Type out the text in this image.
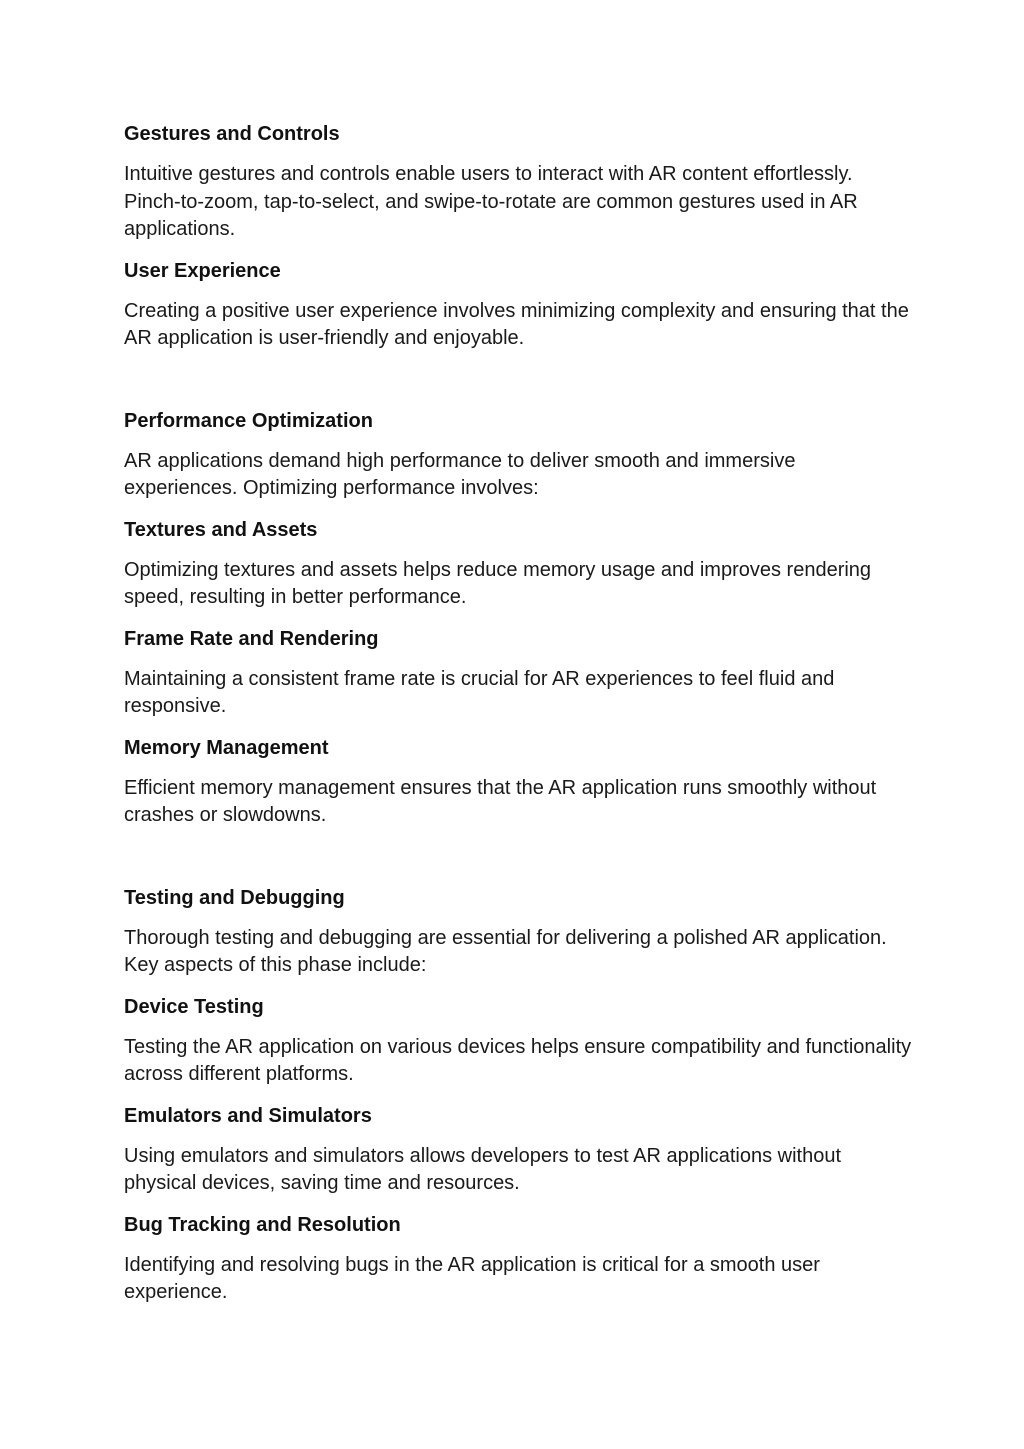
Gestures and Controls

Intuitive gestures and controls enable users to interact with AR content effortlessly. Pinch-to-zoom, tap-to-select, and swipe-to-rotate are common gestures used in AR applications.

User Experience

Creating a positive user experience involves minimizing complexity and ensuring that the AR application is user-friendly and enjoyable.

Performance Optimization

AR applications demand high performance to deliver smooth and immersive experiences. Optimizing performance involves:

Textures and Assets

Optimizing textures and assets helps reduce memory usage and improves rendering speed, resulting in better performance.

Frame Rate and Rendering

Maintaining a consistent frame rate is crucial for AR experiences to feel fluid and responsive.

Memory Management

Efficient memory management ensures that the AR application runs smoothly without crashes or slowdowns.

Testing and Debugging

Thorough testing and debugging are essential for delivering a polished AR application. Key aspects of this phase include:

Device Testing

Testing the AR application on various devices helps ensure compatibility and functionality across different platforms.

Emulators and Simulators

Using emulators and simulators allows developers to test AR applications without physical devices, saving time and resources.

Bug Tracking and Resolution

Identifying and resolving bugs in the AR application is critical for a smooth user experience.
